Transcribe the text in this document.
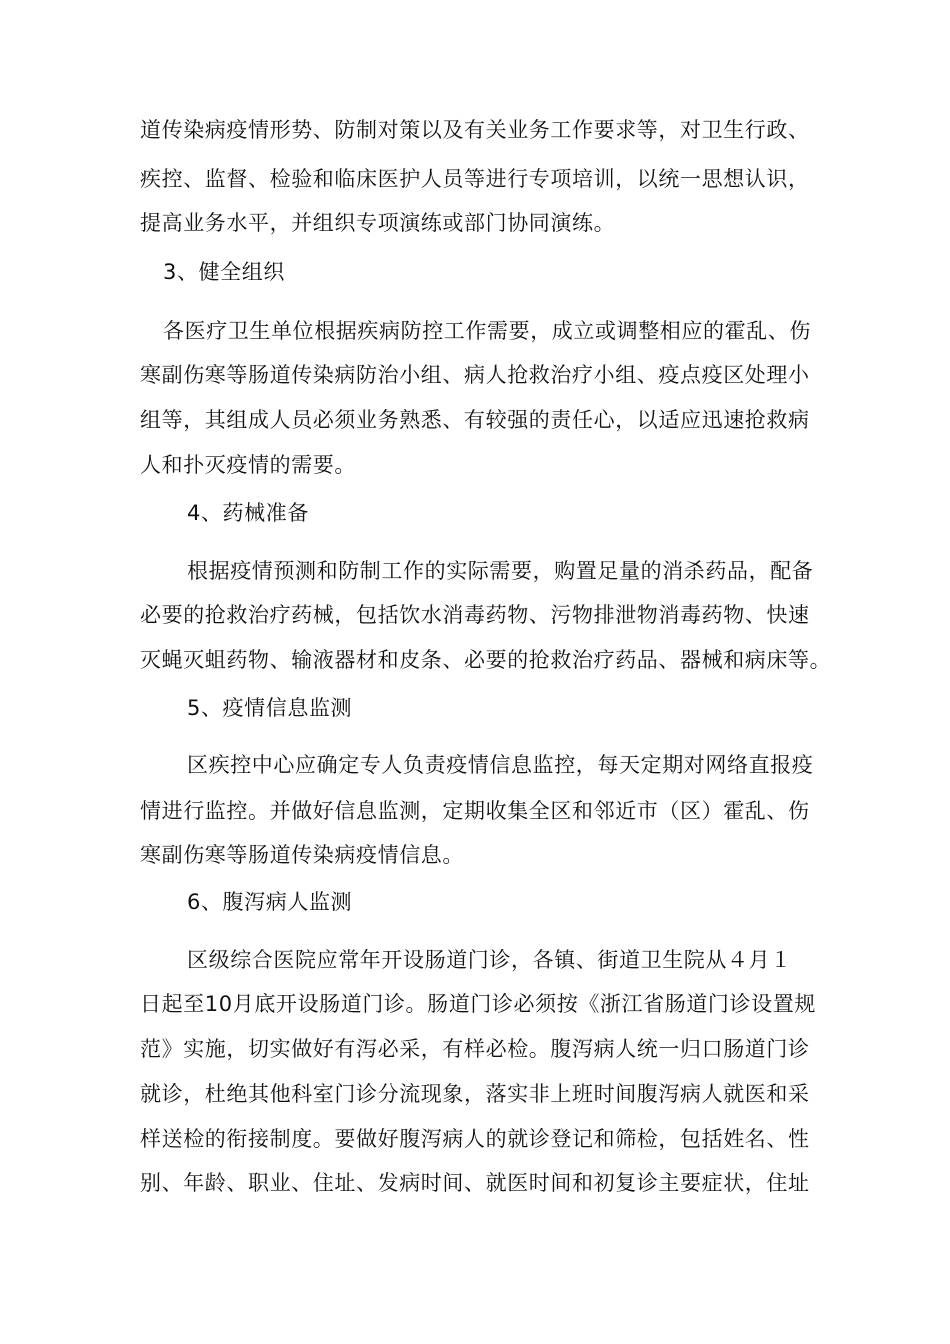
道传染病疫情形势、防制对策以及有关业务工作要求等，对卫生行政、
疾控、监督、检验和临床医护人员等进行专项培训，以统一思想认识，
提高业务水平，并组织专项演练或部门协同演练。
3、健全组织
各医疗卫生单位根据疾病防控工作需要，成立或调整相应的霍乱、伤
寒副伤寒等肠道传染病防治小组、病人抢救治疗小组、疫点疫区处理小
组等，其组成人员必须业务熟悉、有较强的责任心，以适应迅速抢救病
人和扑灭疫情的需要。
4、药械准备
根据疫情预测和防制工作的实际需要，购置足量的消杀药品，配备
必要的抢救治疗药械，包括饮水消毒药物、污物排泄物消毒药物、快速
灭蝇灭蛆药物、输液器材和皮条、必要的抢救治疗药品、器械和病床等。
5、疫情信息监测
区疾控中心应确定专人负责疫情信息监控，每天定期对网络直报疫
情进行监控。并做好信息监测，定期收集全区和邻近市（区）霍乱、伤
寒副伤寒等肠道传染病疫情信息。
6、腹泻病人监测
区级综合医院应常年开设肠道门诊，各镇、街道卫生院从４月１
日起至10月底开设肠道门诊。肠道门诊必须按《浙江省肠道门诊设置规
范》实施，切实做好有泻必采，有样必检。腹泻病人统一归口肠道门诊
就诊，杜绝其他科室门诊分流现象，落实非上班时间腹泻病人就医和采
样送检的衔接制度。要做好腹泻病人的就诊登记和筛检，包括姓名、性
别、年龄、职业、住址、发病时间、就医时间和初复诊主要症状，住址
